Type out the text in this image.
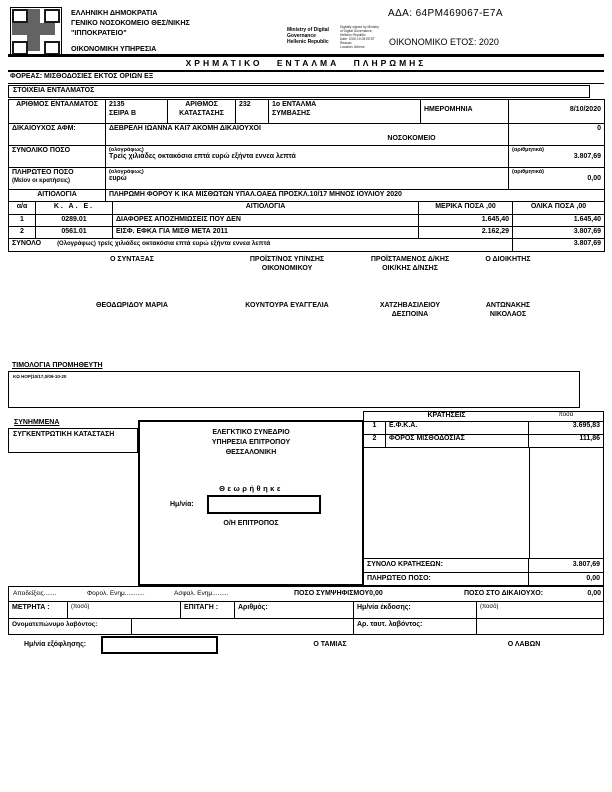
ΕΛΛΗΝΙΚΗ ΔΗΜΟΚΡΑΤΙΑ
ΓΕΝΙΚΟ ΝΟΣΟΚΟΜΕΙΟ ΘΕΣ/ΝΙΚΗΣ
"ΙΠΠΟΚΡΑΤΕΙΟ"
ΟΙΚΟΝΟΜΙΚΗ ΥΠΗΡΕΣΙΑ
ΑΔΑ: 64ΡΜ469067-Ε7Α
Ministry of Digital
Governance
Hellenic Republic
Digitally signed by Ministry
of Digital Governance,
Hellenic Republic
Date: 2020.10.08 EEST
Reason:
Location: Athens	ΟΙΚΟΝΟΜΙΚΟ ΕΤΟΣ: 2020
ΧΡΗΜΑΤΙΚΟ ΕΝΤΑΛΜΑ ΠΛΗΡΩΜΗΣ
ΦΟΡΕΑΣ: ΜΙΣΘΟΔΟΣΙΕΣ ΕΚΤΟΣ ΟΡΙΩΝ ΕΞ
ΣΤΟΙΧΕΙΑ ΕΝΤΑΛΜΑΤΟΣ
ΑΡΙΘΜΟΣ ΕΝΤΑΛΜΑΤΟΣ	2135
ΣΕΙΡΑ Β
	ΑΡΙΘΜΟΣ ΚΑΤΑΣΤΑΣΗΣ	232	1ο ΕΝΤΑΛΜΑ
ΣΥΜΒΑΣΗΣ
	ΗΜΕΡΟΜΗΝΙΑ	8/10/2020
ΔΙΚΑΙΟΥΧΟΣ ΑΦΜ:	ΔΕΒΡΕΛΗ ΙΩΑΝΝΑ ΚΑΙ7 ΑΚΟΜΗ ΔΙΚΑΙΟΥΧΟΙ
ΝΟΣΟΚΟΜΕΙΟ					0
ΣΥΝΟΛΙΚΟ ΠΟΣΟ	(ολογράφως)
Τρείς χιλιάδες οκτακόσια επτά ευρώ εξήντα εννεα λεπτά

(αριθμητικά)
3.807,69

ΠΛΗΡΩΤΕΟ ΠΟΣΟ
(Μείον οι κρατήσεις)

(ολογράφως)
ευρώ

(αριθμητικά)
0,00

ΑΙΤΙΟΛΟΓΙΑ	ΠΛΗΡΩΜΗ ΦΟΡΟΥ Κ ΙΚΑ ΜΙΣΘΩΤΩΝ ΥΠΑΛ.ΟΑΕΔ ΠΡΟΣΚΛ.10/17 ΜΗΝΟΣ ΙΟΥΛΙΟΥ 2020					
α/α	Κ. Α. Ε.	ΑΙΤΙΟΛΟΓΙΑ	ΜΕΡΙΚΑ ΠΟΣΑ ,00	ΟΛΙΚΑ ΠΟΣΑ ,00
1	0289.01	ΔΙΑΦΟΡΕΣ ΑΠΟΖΗΜΙΩΣΕΙΣ ΠΟΥ ΔΕΝ	1.645,40	1.645,40
2	0561.01	ΕΙΣΦ. ΕΦΚΑ ΓΙΑ ΜΙΣΘ ΜΕΤΑ 2011	2.162,29	3.807,69
ΣΥΝΟΛΟ (Ολογράφως) τρείς χιλιάδες οκτακόσια επτά ευρώ εξήντα εννεα λεπτά				3.807,69
Ο ΣΥΝΤΑΞΑΣ	ΠΡΟΪΣΤ/ΝΟΣ ΥΠ/ΝΣΗΣ ΟΙΚΟΝΟΜΙΚΟΥ
ΠΡΟΪΣΤΑΜΕΝΟΣ Δ/ΚΗΣ ΟΙΚ/ΚΗΣ Δ/ΝΣΗΣ
Ο ΔΙΟΙΚΗΤΗΣ
ΘΕΟΔΩΡΙΔΟΥ ΜΑΡΙΑ	ΚΟΥΝΤΟΥΡΑ ΕΥΑΓΓΕΛΙΑ	ΧΑΤΖΗΒΑΣΙΛΕΙΟΥ ΔΕΣΠΟΙΝΑ
ΑΝΤΩΝΑΚΗΣ ΝΙΚΟΛΑΟΣ
ΤΙΜΟΛΟΓΙΑ ΠΡΟΜΗΘΕΥΤΗ
ΚΩ ΗΟΡ|10/17,0/09-10-20
ΣΥΝΗΜΜΕΝΑ
ΣΥΓΚΕΝΤΡΩΤΙΚΗ ΚΑΤΑΣΤΑΣΗ	ΕΛΕΓΚΤΙΚΟ ΣΥΝΕΔΡΙΟ
ΥΠΗΡΕΣΙΑ ΕΠΙΤΡΟΠΟΥ
ΘΕΣΣΑΛΟΝΙΚΗ
Θεωρήθηκε
Ημ/νία:
Ο/Η ΕΠΙΤΡΟΠΟΣ
ΚΡΑΤΗΣΕΙΣ	ποσά
1	Ε.Φ.Κ.Α.	3.695,83
2	ΦΟΡΟΣ ΜΙΣΘΟΔΟΣΙΑΣ	111,86
ΣΥΝΟΛΟ ΚΡΑΤΗΣΕΩΝ:	3.807,69
ΠΛΗΡΩΤΕΟ ΠΟΣΟ:	0,00
Αποδείξεις.......	Φορολ. Ενημ...........	Ασφαλ. Ενημ.........	ΠΟΣΟ ΣΥΜΨΗΦΙΣΜΟΥ0,00	ΠΟΣΟ ΣΤΟ ΔΙΚΑΙΟΥΧΟ:	0,00
ΜΕΤΡΗΤΑ :	(ποσό)	ΕΠΙΤΑΓΗ :	Αριθμός:	Ημ/νία έκδοσης:	(ποσό)
Ονοματεπώνυμο λαβόντος:	Αρ. ταυτ. λαβόντος:
Ημ/νία εξόφλησης:	Ο ΤΑΜΙΑΣ	Ο ΛΑΒΩΝ
